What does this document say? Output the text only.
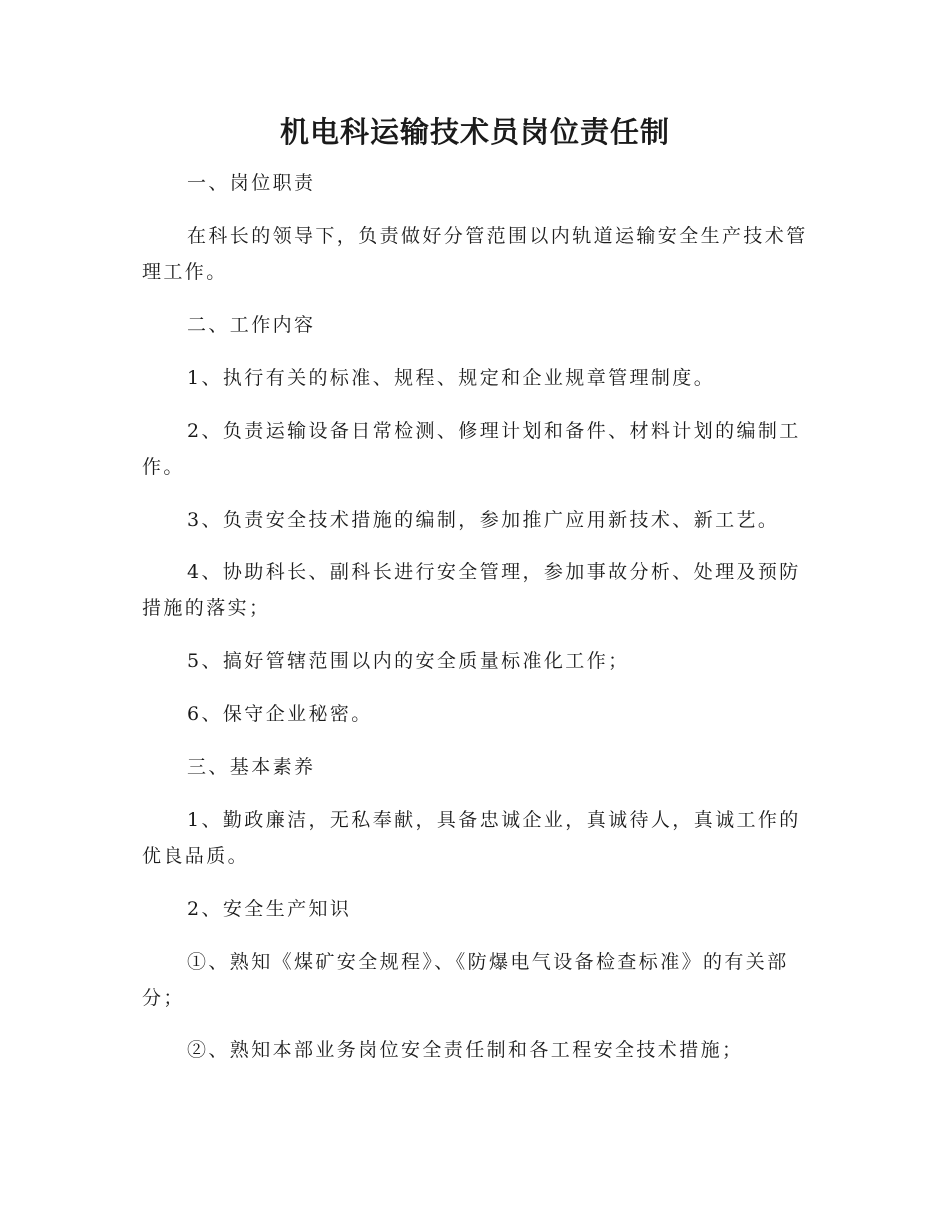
机电科运输技术员岗位责任制

一、岗位职责

在科长的领导下，负责做好分管范围以内轨道运输安全生产技术管理工作。

二、工作内容

1、执行有关的标准、规程、规定和企业规章管理制度。

2、负责运输设备日常检测、修理计划和备件、材料计划的编制工作。

3、负责安全技术措施的编制，参加推广应用新技术、新工艺。

4、协助科长、副科长进行安全管理，参加事故分析、处理及预防措施的落实；

5、搞好管辖范围以内的安全质量标准化工作；

6、保守企业秘密。

三、基本素养

1、勤政廉洁，无私奉献，具备忠诚企业，真诚待人，真诚工作的优良品质。

2、安全生产知识

①、熟知《煤矿安全规程》、《防爆电气设备检查标准》的有关部分；

②、熟知本部业务岗位安全责任制和各工程安全技术措施；
